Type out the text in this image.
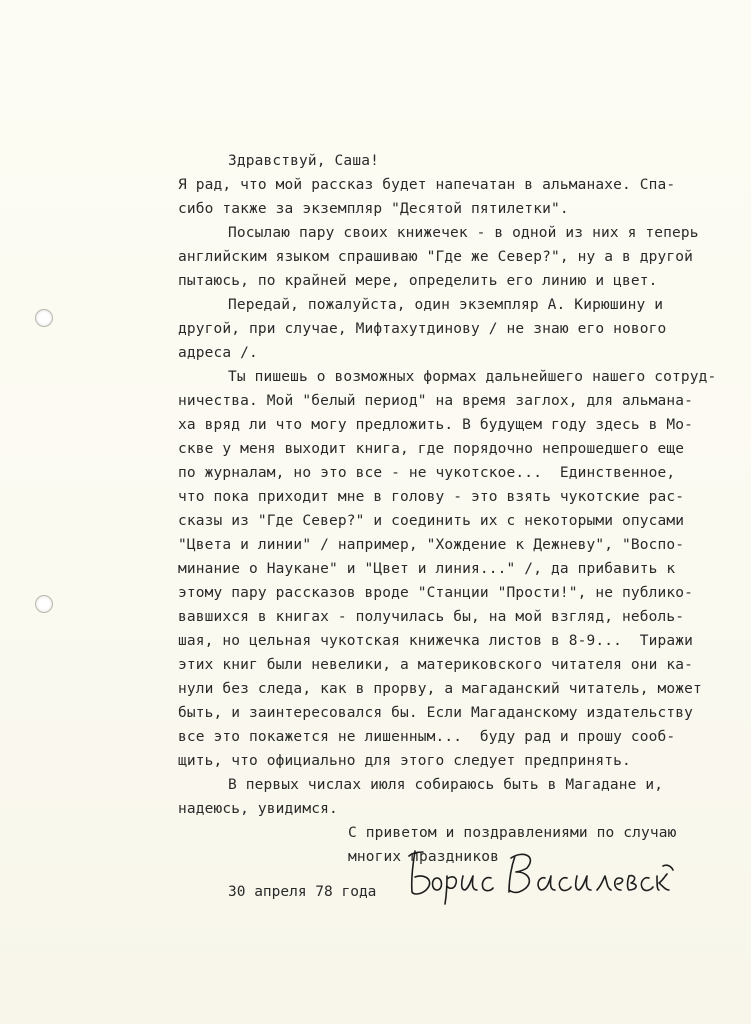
Здравствуй, Саша!
Я рад, что мой рассказ будет напечатан в альманахе. Спа-
сибо также за экземпляр "Десятой пятилетки".
Посылаю пару своих книжечек - в одной из них я теперь
английским языком спрашиваю "Где же Север?", ну а в другой
пытаюсь, по крайней мере, определить его линию и цвет.
Передай, пожалуйста, один экземпляр А. Кирюшину и
другой, при случае, Мифтахутдинову / не знаю его нового
адреса /.
Ты пишешь о возможных формах дальнейшего нашего сотруд-
ничества. Мой "белый период" на время заглох, для альмана-
ха вряд ли что могу предложить. В будущем году здесь в Мо-
скве у меня выходит книга, где порядочно непрошедшего еще
по журналам, но это все - не чукотское...  Единственное,
что пока приходит мне в голову - это взять чукотские рас-
сказы из "Где Север?" и соединить их с некоторыми опусами
"Цвета и линии" / например, "Хождение к Дежневу", "Воспо-
минание о Наукане" и "Цвет и линия..." /, да прибавить к
этому пару рассказов вроде "Станции "Прости!", не публико-
вавшихся в книгах - получилась бы, на мой взгляд, неболь-
шая, но цельная чукотская книжечка листов в 8-9...  Тиражи
этих книг были невелики, а материковского читателя они ка-
нули без следа, как в прорву, а магаданский читатель, может
быть, и заинтересовался бы. Если Магаданскому издательству
все это покажется не лишенным...  буду рад и прошу сооб-
щить, что официально для этого следует предпринять.
В первых числах июля собираюсь быть в Магадане и,
надеюсь, увидимся.
С приветом и поздравлениями по случаю
многих праздников
30 апреля 78 года
